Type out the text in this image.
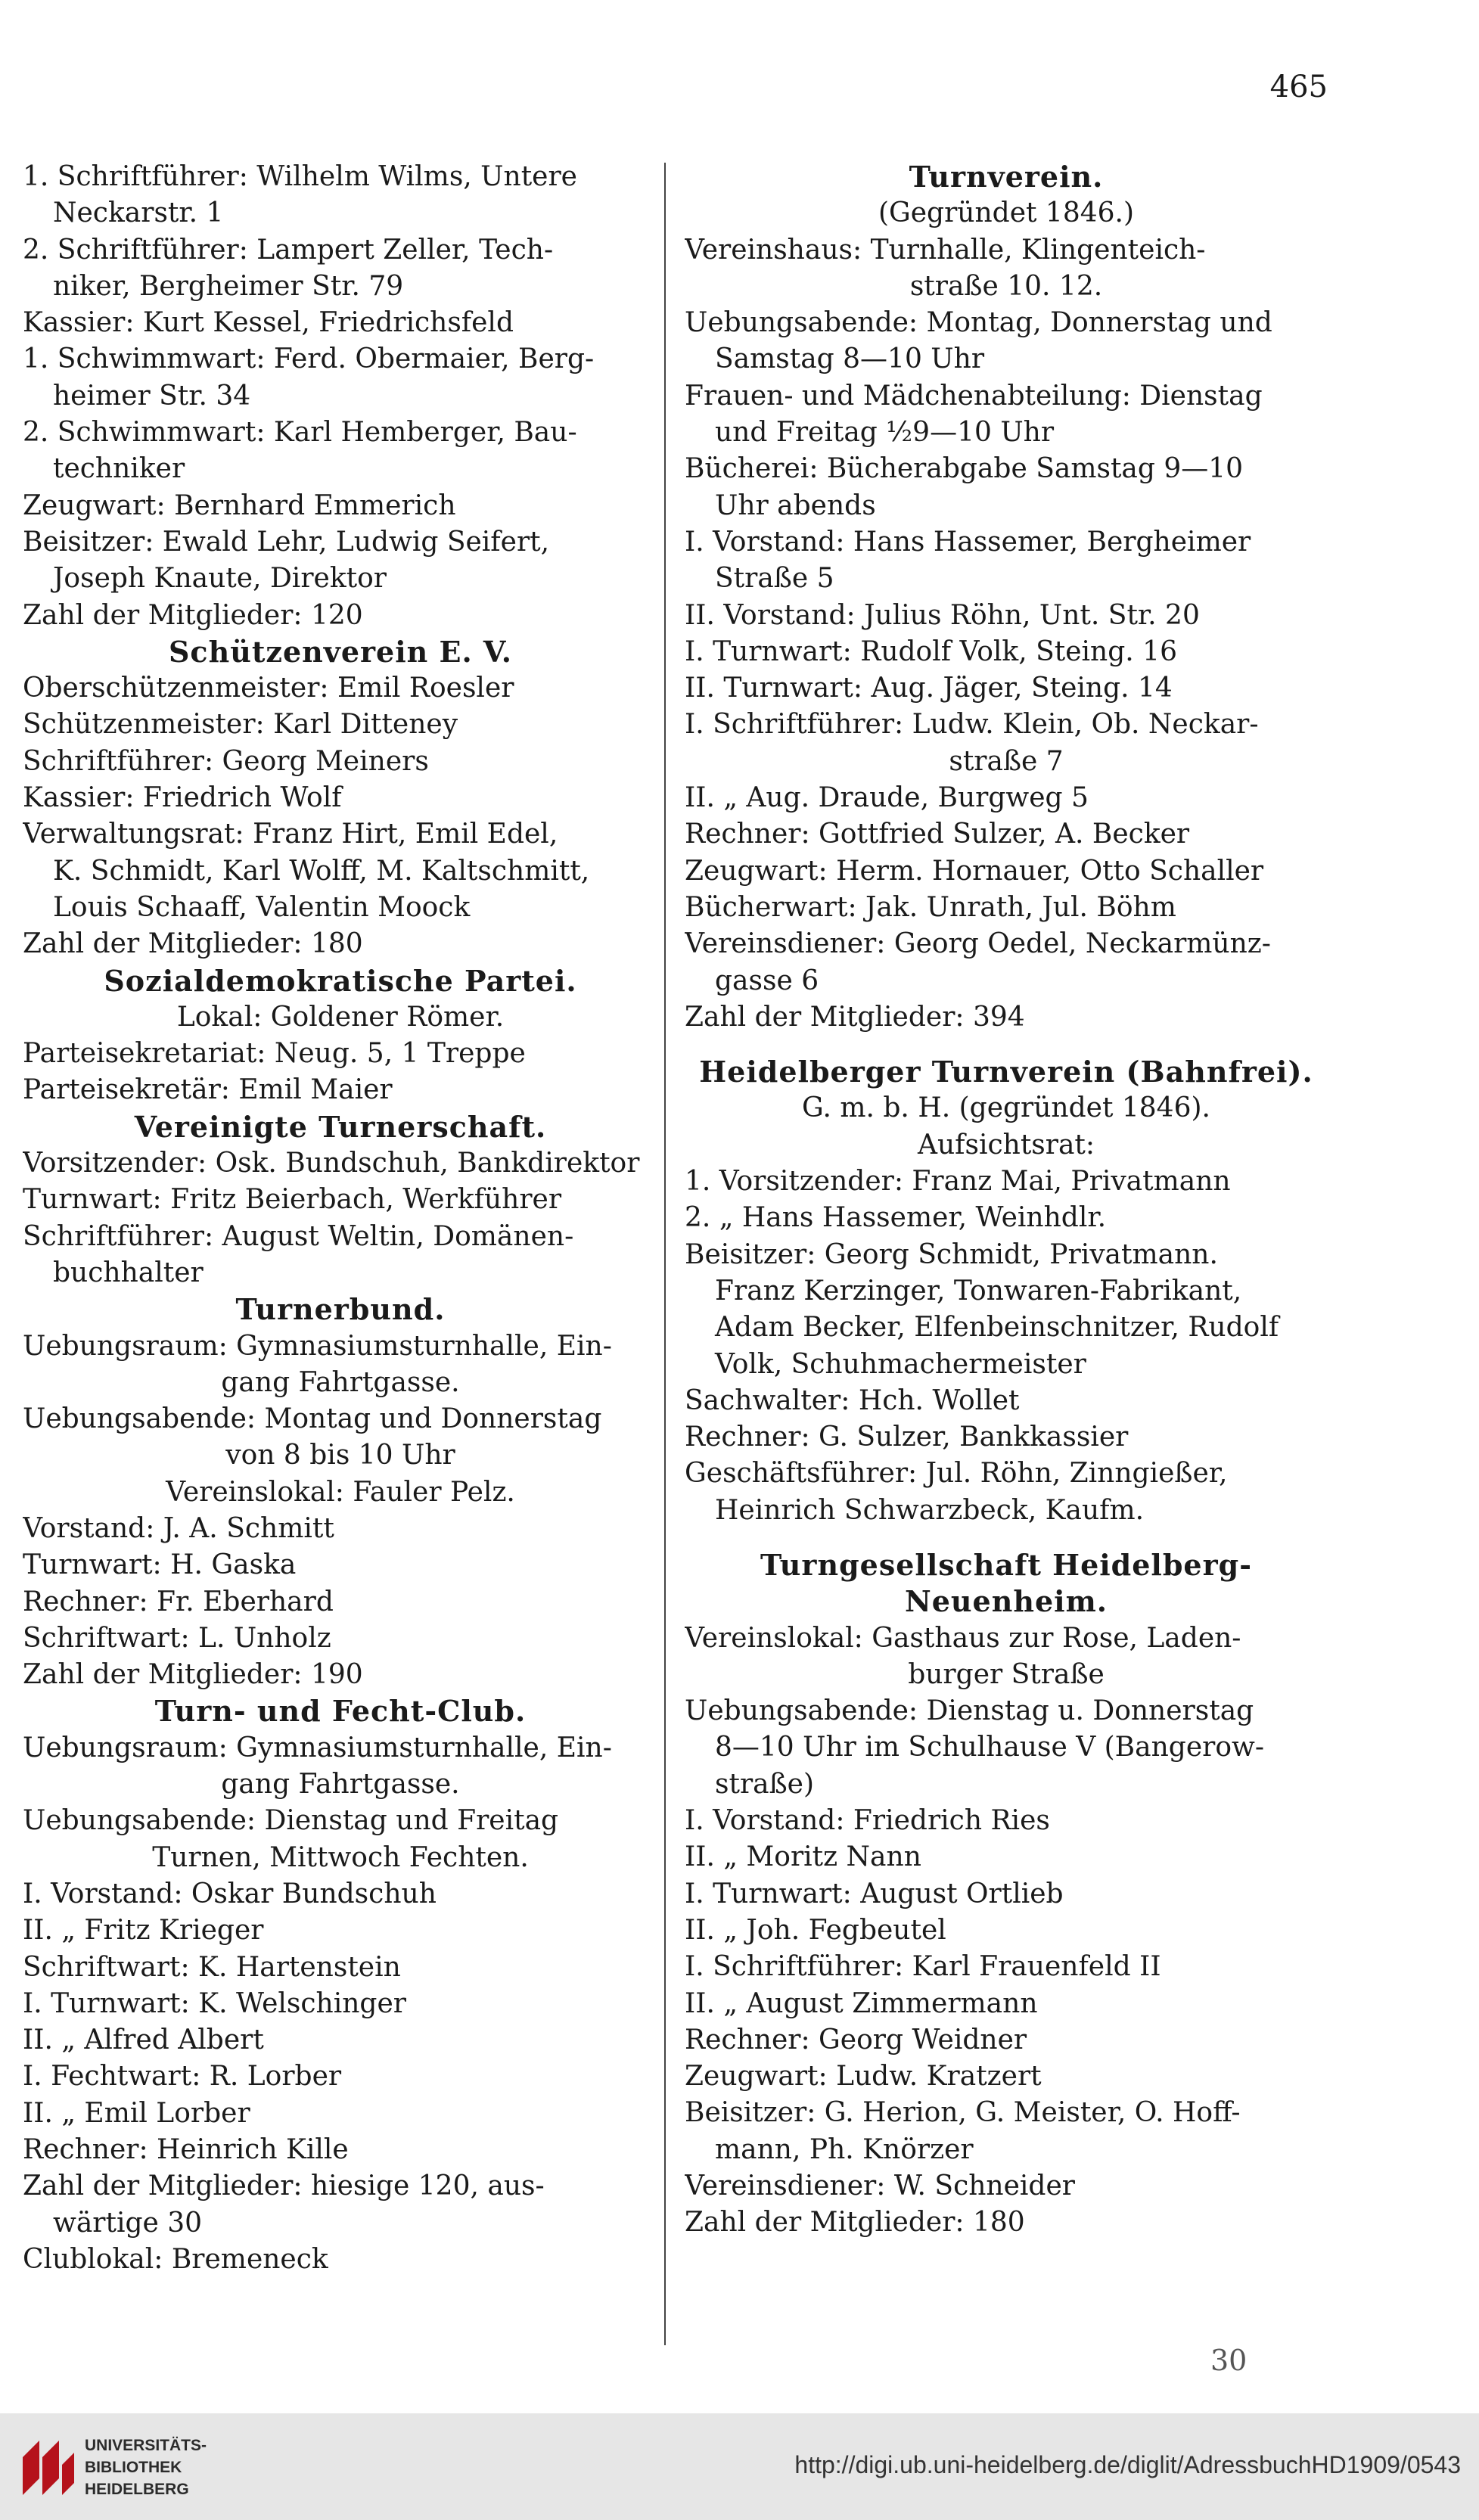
465
1. Schriftführer: Wilhelm Wilms, Untere
Neckarstr. 1
2. Schriftführer: Lampert Zeller, Tech-
niker, Bergheimer Str. 79
Kassier: Kurt Kessel, Friedrichsfeld
1. Schwimmwart: Ferd. Obermaier, Berg-
heimer Str. 34
2. Schwimmwart: Karl Hemberger, Bau-
techniker
Zeugwart: Bernhard Emmerich
Beisitzer: Ewald Lehr, Ludwig Seifert,
Joseph Knaute, Direktor
Zahl der Mitglieder: 120
Schützenverein E. V.
Oberschützenmeister: Emil Roesler
Schützenmeister: Karl Ditteney
Schriftführer: Georg Meiners
Kassier: Friedrich Wolf
Verwaltungsrat: Franz Hirt, Emil Edel,
K. Schmidt, Karl Wolff, M. Kaltschmitt,
Louis Schaaff, Valentin Moock
Zahl der Mitglieder: 180
Sozialdemokratische Partei.
Lokal: Goldener Römer.
Parteisekretariat: Neug. 5, 1 Treppe
Parteisekretär: Emil Maier
Vereinigte Turnerschaft.
Vorsitzender: Osk. Bundschuh, Bankdirektor
Turnwart: Fritz Beierbach, Werkführer
Schriftführer: August Weltin, Domänen-
buchhalter
Turnerbund.
Uebungsraum: Gymnasiumsturnhalle, Ein-
gang Fahrtgasse.
Uebungsabende: Montag und Donnerstag
von 8 bis 10 Uhr
Vereinslokal: Fauler Pelz.
Vorstand: J. A. Schmitt
Turnwart: H. Gaska
Rechner: Fr. Eberhard
Schriftwart: L. Unholz
Zahl der Mitglieder: 190
Turn- und Fecht-Club.
Uebungsraum: Gymnasiumsturnhalle, Ein-
gang Fahrtgasse.
Uebungsabende: Dienstag und Freitag
Turnen, Mittwoch Fechten.
I. Vorstand: Oskar Bundschuh
II. „ Fritz Krieger
Schriftwart: K. Hartenstein
I. Turnwart: K. Welschinger
II. „ Alfred Albert
I. Fechtwart: R. Lorber
II. „ Emil Lorber
Rechner: Heinrich Kille
Zahl der Mitglieder: hiesige 120, aus-
wärtige 30
Clublokal: Bremeneck
Turnverein.
(Gegründet 1846.)
Vereinshaus: Turnhalle, Klingenteich-
straße 10. 12.
Uebungsabende: Montag, Donnerstag und
Samstag 8—10 Uhr
Frauen- und Mädchenabteilung: Dienstag
und Freitag ½9—10 Uhr
Bücherei: Bücherabgabe Samstag 9—10
Uhr abends
I. Vorstand: Hans Hassemer, Bergheimer
Straße 5
II. Vorstand: Julius Röhn, Unt. Str. 20
I. Turnwart: Rudolf Volk, Steing. 16
II. Turnwart: Aug. Jäger, Steing. 14
I. Schriftführer: Ludw. Klein, Ob. Neckar-
straße 7
II. „ Aug. Draude, Burgweg 5
Rechner: Gottfried Sulzer, A. Becker
Zeugwart: Herm. Hornauer, Otto Schaller
Bücherwart: Jak. Unrath, Jul. Böhm
Vereinsdiener: Georg Oedel, Neckarmünz-
gasse 6
Zahl der Mitglieder: 394
Heidelberger Turnverein (Bahnfrei).
G. m. b. H. (gegründet 1846).
Aufsichtsrat:
1. Vorsitzender: Franz Mai, Privatmann
2. „ Hans Hassemer, Weinhdlr.
Beisitzer: Georg Schmidt, Privatmann.
Franz Kerzinger, Tonwaren-Fabrikant,
Adam Becker, Elfenbeinschnitzer, Rudolf
Volk, Schuhmachermeister
Sachwalter: Hch. Wollet
Rechner: G. Sulzer, Bankkassier
Geschäftsführer: Jul. Röhn, Zinngießer,
Heinrich Schwarzbeck, Kaufm.
Turngesellschaft Heidelberg-
Neuenheim.
Vereinslokal: Gasthaus zur Rose, Laden-
burger Straße
Uebungsabende: Dienstag u. Donnerstag
8—10 Uhr im Schulhause V (Bangerow-
straße)
I. Vorstand: Friedrich Ries
II. „ Moritz Nann
I. Turnwart: August Ortlieb
II. „ Joh. Fegbeutel
I. Schriftführer: Karl Frauenfeld II
II. „ August Zimmermann
Rechner: Georg Weidner
Zeugwart: Ludw. Kratzert
Beisitzer: G. Herion, G. Meister, O. Hoff-
mann, Ph. Knörzer
Vereinsdiener: W. Schneider
Zahl der Mitglieder: 180
30
UNIVERSITÄTS-
BIBLIOTHEK
HEIDELBERG
http://digi.ub.uni-heidelberg.de/diglit/AdressbuchHD1909/0543
